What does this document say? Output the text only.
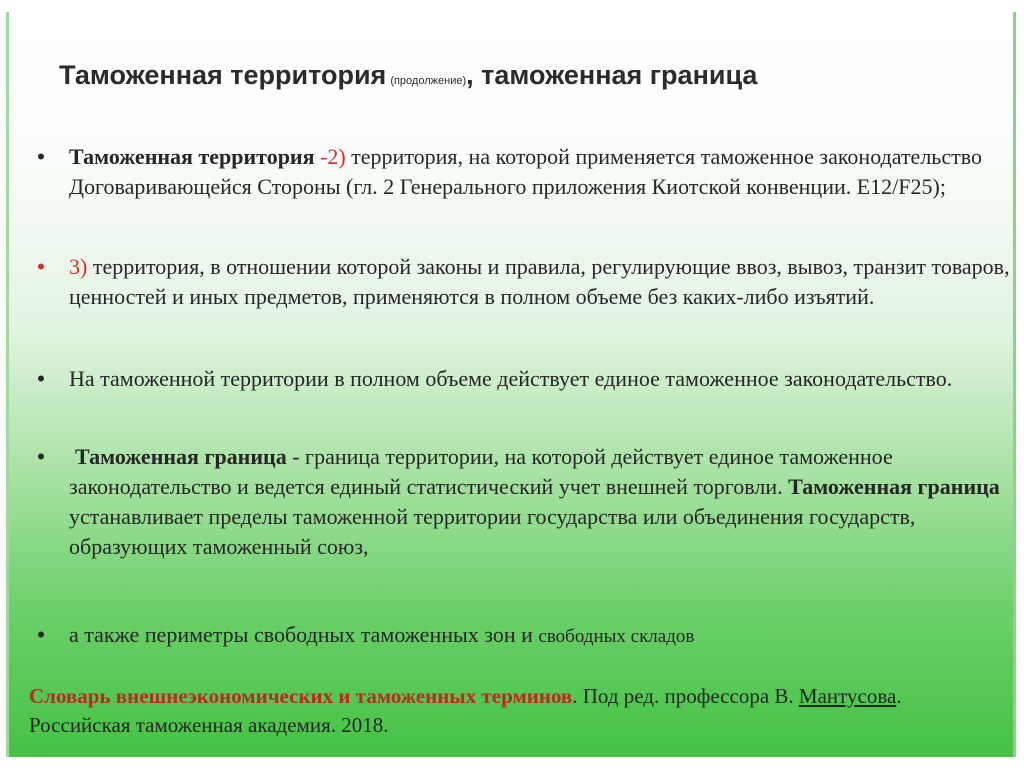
Таможенная территория (продолжение), таможенная граница
• Таможенная территория -2) территория, на которой применяется таможенное законодательство Договаривающейся Стороны (гл. 2 Генерального приложения Киотской конвенции. E12/F25);
• 3) территория, в отношении которой законы и правила, регулирующие ввоз, вывоз, транзит товаров, ценностей и иных предметов, применяются в полном объеме без каких-либо изъятий.
• На таможенной территории в полном объеме действует единое таможенное законодательство.
• Таможенная граница - граница территории, на которой действует единое таможенное законодательство и ведется единый статистический учет внешней торговли. Таможенная граница устанавливает пределы таможенной территории государства или объединения государств, образующих таможенный союз,
• а также периметры свободных таможенных зон и свободных складов
Словарь внешнеэкономических и таможенных терминов. Под ред. профессора В. Мантусова. Российская таможенная академия. 2018.
